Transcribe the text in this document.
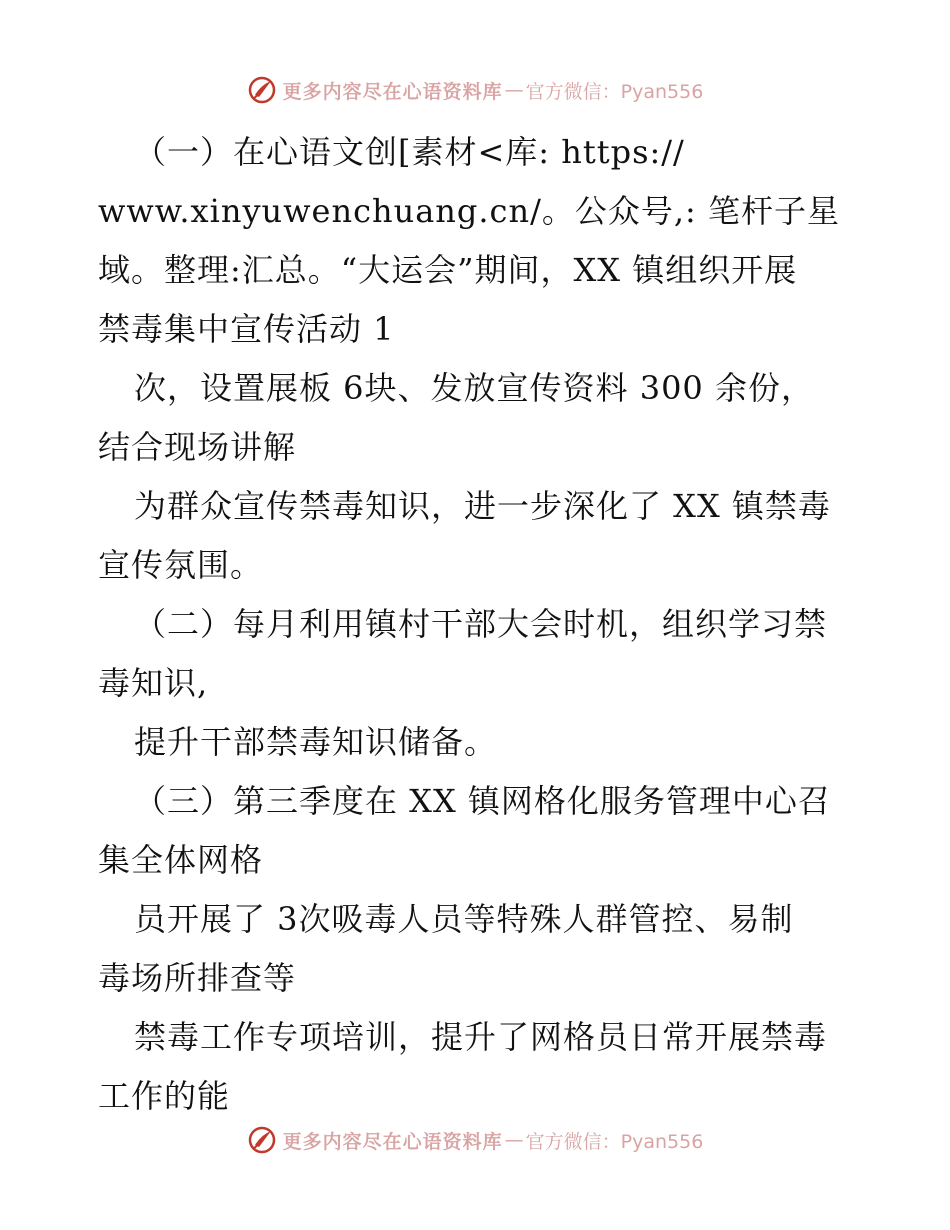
更多内容尽在心语资料库 — 官方微信：Pyan556
（一）在心语文创[素材<库: https://
www.xinyuwenchuang.cn/。公众号,: 笔杆子星
域。整理:汇总。“大运会”期间，XX 镇组织开展
禁毒集中宣传活动 1
次，设置展板 6块、发放宣传资料 300 余份，
结合现场讲解
为群众宣传禁毒知识，进一步深化了 XX 镇禁毒
宣传氛围。
（二）每月利用镇村干部大会时机，组织学习禁
毒知识,
提升干部禁毒知识储备。
（三）第三季度在 XX 镇网格化服务管理中心召
集全体网格
员开展了 3次吸毒人员等特殊人群管控、易制
毒场所排查等
禁毒工作专项培训，提升了网格员日常开展禁毒
工作的能
更多内容尽在心语资料库 — 官方微信：Pyan556
